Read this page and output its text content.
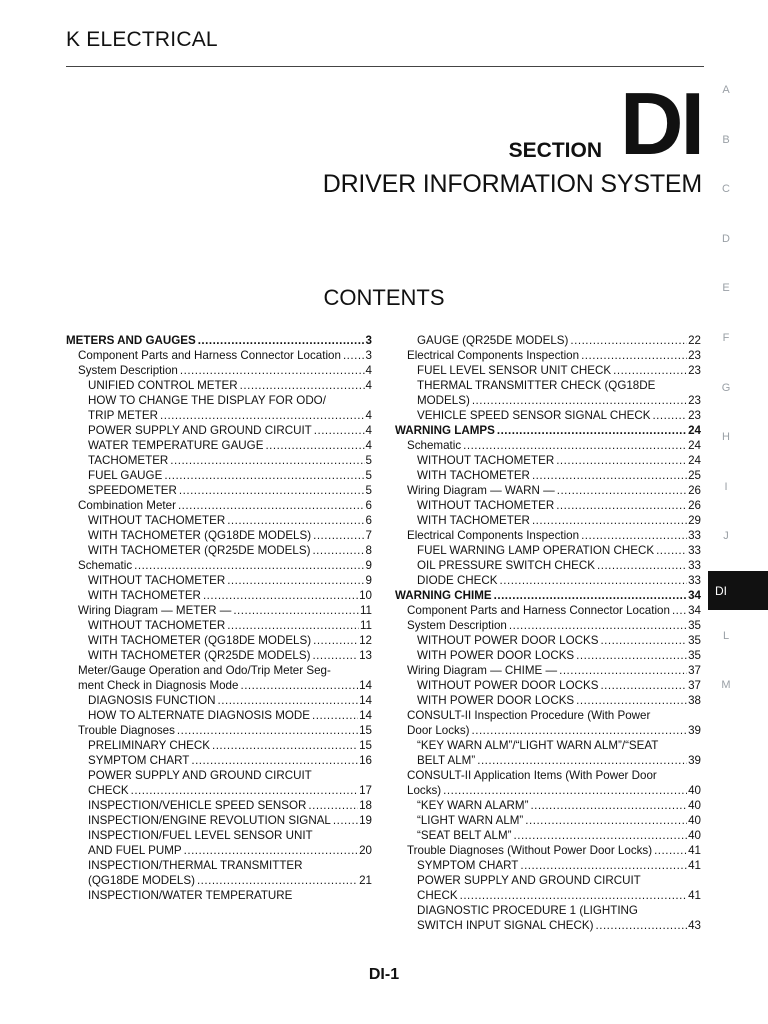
K ELECTRICAL
SECTION DI
DRIVER INFORMATION SYSTEM
CONTENTS
A
B
C
D
E
F
G
H
I
J
L
M
DI
METERS AND GAUGES .....	3
Component Parts and Harness Connector Location ..... 3
System Description .....	4
UNIFIED CONTROL METER .....	4
HOW TO CHANGE THE DISPLAY FOR ODO/
TRIP METER .....	4
POWER SUPPLY AND GROUND CIRCUIT .....	4
WATER TEMPERATURE GAUGE .....	4
TACHOMETER .....	5
FUEL GAUGE .....	5
SPEEDOMETER .....	5
Combination Meter .....	6
WITHOUT TACHOMETER .....	6
WITH TACHOMETER (QG18DE MODELS) .....	7
WITH TACHOMETER (QR25DE MODELS) .....	8
Schematic .....	9
WITHOUT TACHOMETER .....	9
WITH TACHOMETER .....	10
Wiring Diagram — METER — .....	11
WITHOUT TACHOMETER .....	11
WITH TACHOMETER (QG18DE MODELS) .....	12
WITH TACHOMETER (QR25DE MODELS) .....	13
Meter/Gauge Operation and Odo/Trip Meter Seg-
ment Check in Diagnosis Mode .....	14
DIAGNOSIS FUNCTION .....	14
HOW TO ALTERNATE DIAGNOSIS MODE .....	14
Trouble Diagnoses .....	15
PRELIMINARY CHECK .....	15
SYMPTOM CHART .....	16
POWER SUPPLY AND GROUND CIRCUIT
CHECK .....	17
INSPECTION/VEHICLE SPEED SENSOR .....	18
INSPECTION/ENGINE REVOLUTION SIGNAL ..... 19
INSPECTION/FUEL LEVEL SENSOR UNIT
AND FUEL PUMP .....	20
INSPECTION/THERMAL TRANSMITTER
(QG18DE MODELS) .....	21
INSPECTION/WATER TEMPERATURE
GAUGE (QR25DE MODELS) .....	22
Electrical Components Inspection .....	23
FUEL LEVEL SENSOR UNIT CHECK .....	23
THERMAL TRANSMITTER CHECK (QG18DE
MODELS) .....	23
VEHICLE SPEED SENSOR SIGNAL CHECK .....	23
WARNING LAMPS .....	24
Schematic .....	24
WITHOUT TACHOMETER .....	24
WITH TACHOMETER .....	25
Wiring Diagram — WARN — .....	26
WITHOUT TACHOMETER .....	26
WITH TACHOMETER .....	29
Electrical Components Inspection .....	33
FUEL WARNING LAMP OPERATION CHECK .....	33
OIL PRESSURE SWITCH CHECK .....	33
DIODE CHECK .....	33
WARNING CHIME .....	34
Component Parts and Harness Connector Location ..... 34
System Description .....	35
WITHOUT POWER DOOR LOCKS .....	35
WITH POWER DOOR LOCKS .....	35
Wiring Diagram — CHIME — .....	37
WITHOUT POWER DOOR LOCKS .....	37
WITH POWER DOOR LOCKS .....	38
CONSULT-II Inspection Procedure (With Power
Door Locks) .....	39
“KEY WARN ALM”/“LIGHT WARN ALM”/“SEAT
BELT ALM” .....	39
CONSULT-II Application Items (With Power Door
Locks) .....	40
“KEY WARN ALARM” .....	40
“LIGHT WARN ALM” .....	40
“SEAT BELT ALM” .....	40
Trouble Diagnoses (Without Power Door Locks) .....	41
SYMPTOM CHART .....	41
POWER SUPPLY AND GROUND CIRCUIT
CHECK .....	41
DIAGNOSTIC PROCEDURE 1 (LIGHTING
SWITCH INPUT SIGNAL CHECK) .....	43
DI-1
